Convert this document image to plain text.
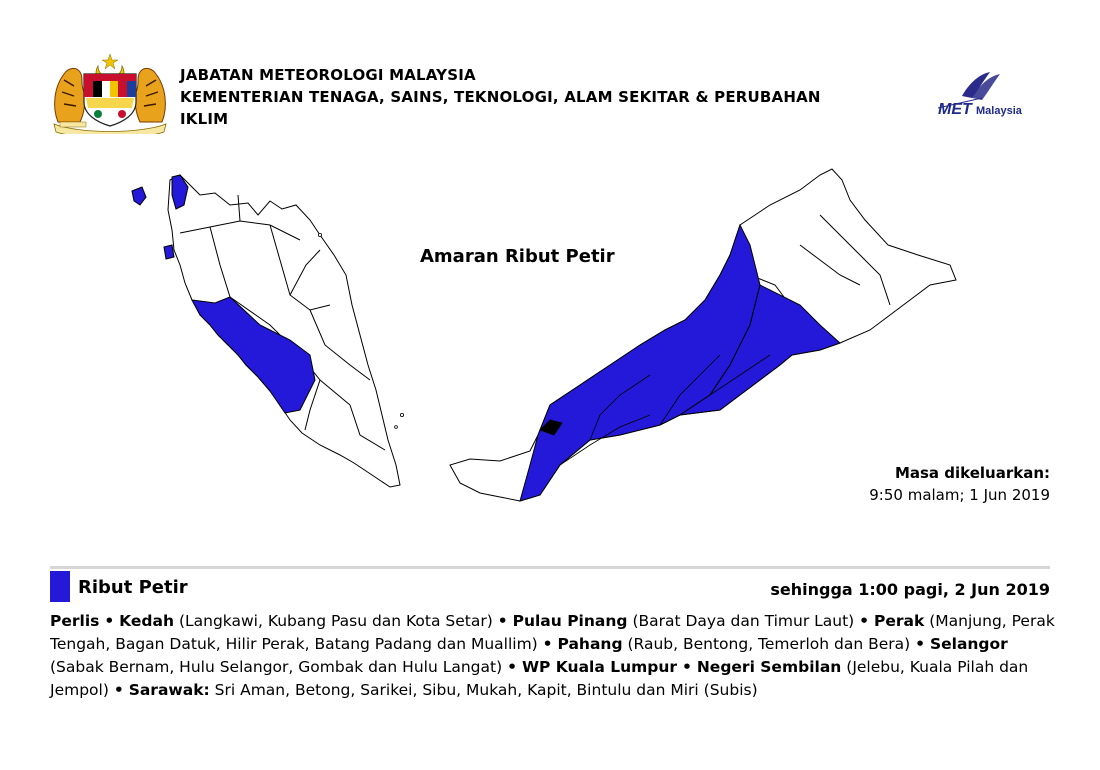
JABATAN METEOROLOGI MALAYSIA
KEMENTERIAN TENAGA, SAINS, TEKNOLOGI, ALAM SEKITAR & PERUBAHAN
IKLIM
MET Malaysia
Amaran Ribut Petir
Masa dikeluarkan:
9:50 malam; 1 Jun 2019
Ribut Petir	sehingga 1:00 pagi, 2 Jun 2019
Perlis • Kedah (Langkawi, Kubang Pasu dan Kota Setar) • Pulau Pinang (Barat Daya dan Timur Laut) • Perak (Manjung, Perak Tengah, Bagan Datuk, Hilir Perak, Batang Padang dan Muallim) • Pahang (Raub, Bentong, Temerloh dan Bera) • Selangor (Sabak Bernam, Hulu Selangor, Gombak dan Hulu Langat) • WP Kuala Lumpur • Negeri Sembilan (Jelebu, Kuala Pilah dan Jempol) • Sarawak: Sri Aman, Betong, Sarikei, Sibu, Mukah, Kapit, Bintulu dan Miri (Subis)
